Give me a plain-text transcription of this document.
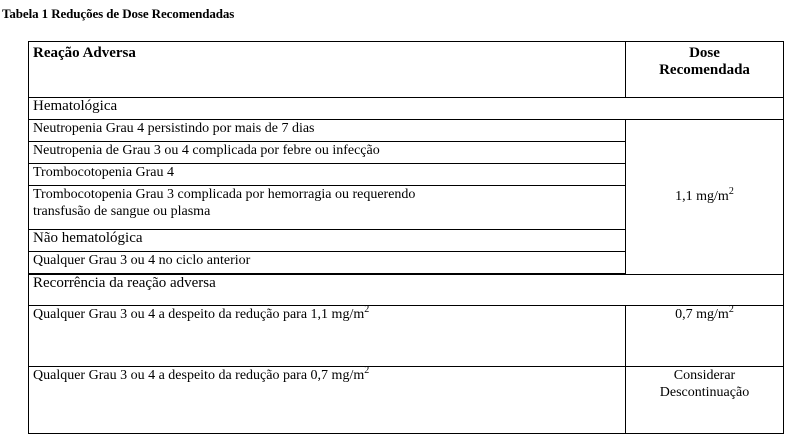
Tabela 1 Reduções de Dose Recomendadas
Reação Adversa	Dose
Recomendada
Hematológica	
Neutropenia Grau 4 persistindo por mais de 7 dias	1,1 $mg/m^2$
Neutropenia de Grau 3 ou 4 complicada por febre ou infecção	
Trombocotopenia Grau 4	
Trombocotopenia Grau 3 complicada por hemorragia ou requerendo
transfusão de sangue ou plasma	
Não hematológica	
Qualquer Grau 3 ou 4 no ciclo anterior	

Recorrência da reação adversa	
Qualquer Grau 3 ou 4 a despeito da redução para 1,1 $mg/m^2$	0,7 $mg/m^2$
Qualquer Grau 3 ou 4 a despeito da redução para 0,7 $mg/m^2$	Considerar
Descontinuação
